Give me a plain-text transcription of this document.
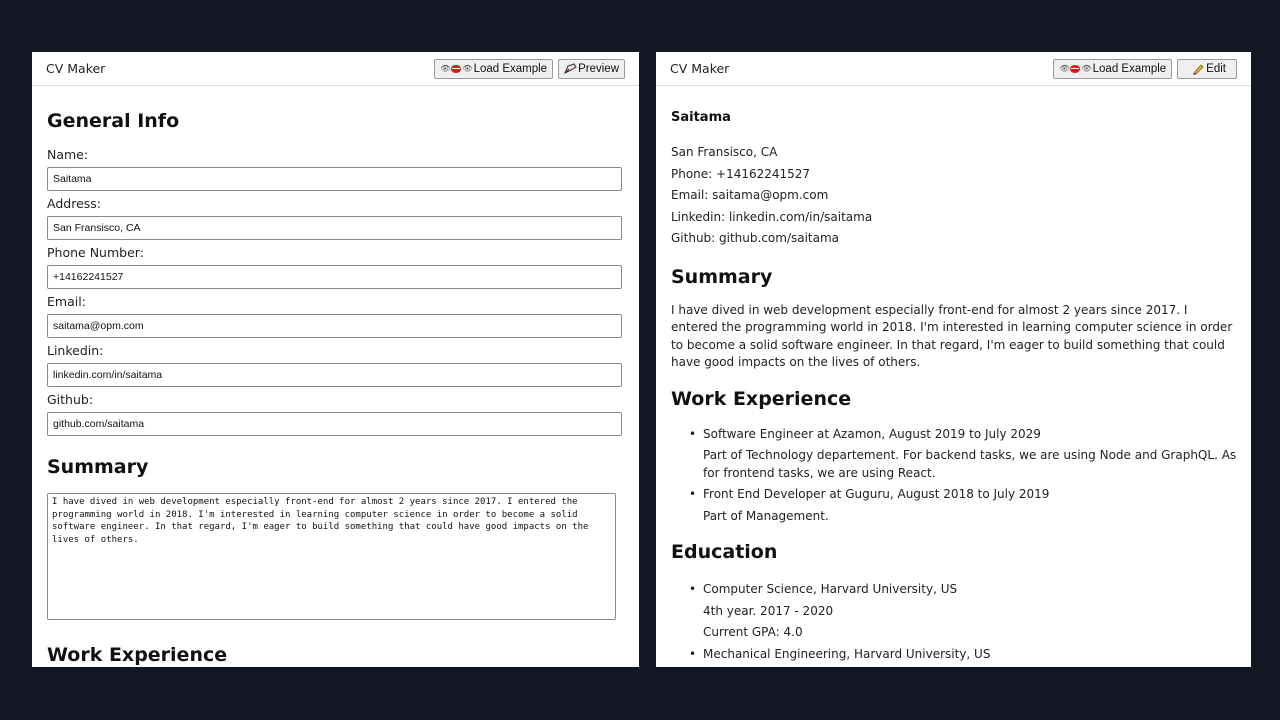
CV Maker	👁 👁 Load Example	Preview
General Info
Name:
Saitama
Address:
San Fransisco, CA
Phone Number:
+14162241527
Email:
saitama@opm.com
Linkedin:
linkedin.com/in/saitama
Github:
github.com/saitama
Summary
I have dived in web development especially front-end for almost 2 years since 2017. I entered the programming world in 2018. I'm interested in learning computer science in order to become a solid software engineer. In that regard, I'm eager to build something that could have good impacts on the lives of others.
Work Experience
CV Maker	👁 👁 Load Example	Edit
Saitama
San Fransisco, CA
Phone: +14162241527
Email: saitama@opm.com
Linkedin: linkedin.com/in/saitama
Github: github.com/saitama
Summary
I have dived in web development especially front-end for almost 2 years since 2017. I entered the programming world in 2018. I'm interested in learning computer science in order to become a solid software engineer. In that regard, I'm eager to build something that could have good impacts on the lives of others.
Work Experience
• Software Engineer at Azamon, August 2019 to July 2029
Part of Technology departement. For backend tasks, we are using Node and GraphQL. As for frontend tasks, we are using React.
• Front End Developer at Guguru, August 2018 to July 2019
Part of Management.
Education
• Computer Science, Harvard University, US
4th year. 2017 - 2020
Current GPA: 4.0
• Mechanical Engineering, Harvard University, US
